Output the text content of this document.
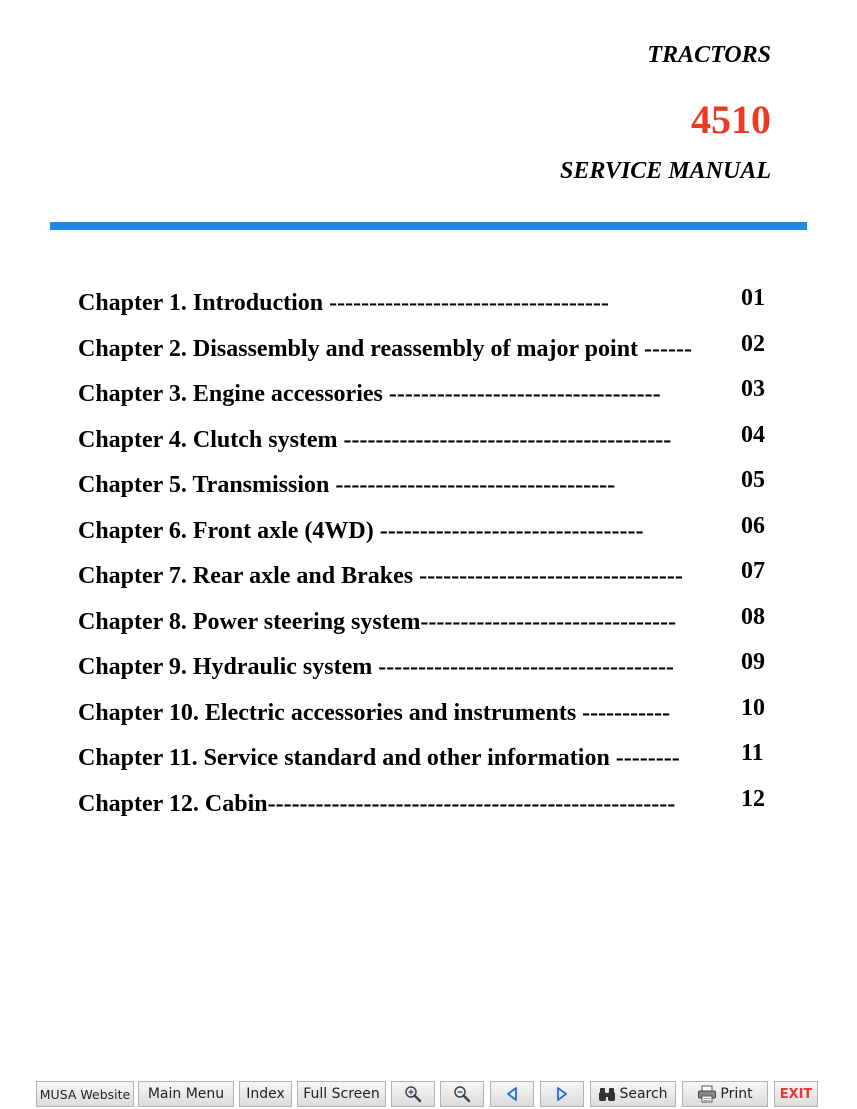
TRACTORS
4510
SERVICE MANUAL
Chapter 1. Introduction -----------------------------------	01
Chapter 2. Disassembly and reassembly of major point ------ 02
Chapter 3. Engine accessories ----------------------------------	03
Chapter 4. Clutch system -----------------------------------------	04
Chapter 5. Transmission -----------------------------------	05
Chapter 6. Front axle (4WD) ---------------------------------	06
Chapter 7. Rear axle and Brakes --------------------------------- 07
Chapter 8. Power steering system--------------------------------	08
Chapter 9. Hydraulic system -------------------------------------	09
Chapter 10. Electric accessories and instruments -----------	10
Chapter 11. Service standard and other information --------	11
Chapter 12. Cabin---------------------------------------------------	12
MUSA Website Main Menu Index Full Screen	Search	Print EXIT
